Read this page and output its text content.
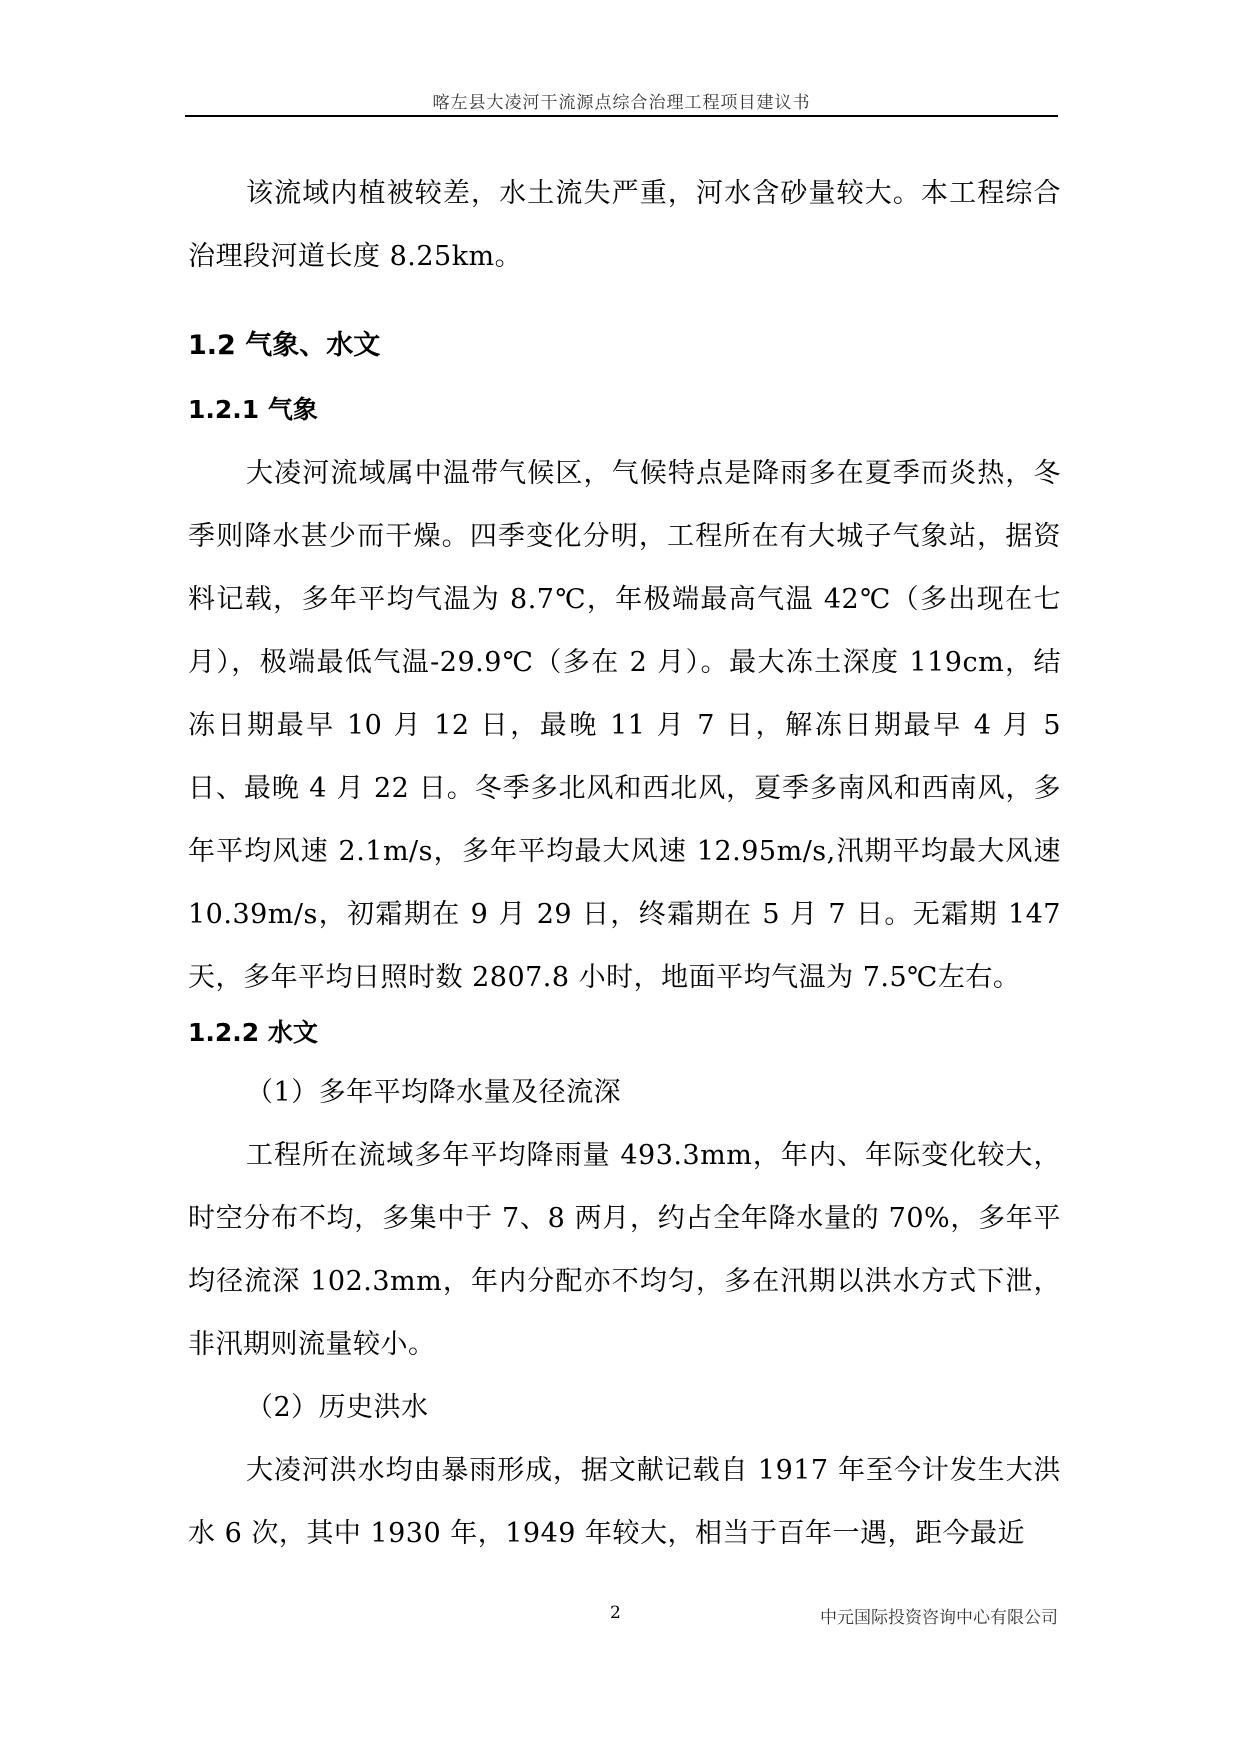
喀左县大凌河干流源点综合治理工程项目建议书

该流域内植被较差，水土流失严重，河水含砂量较大。本工程综合治理段河道长度 8.25km。

1.2 气象、水文
1.2.1 气象

大凌河流域属中温带气候区，气候特点是降雨多在夏季而炎热，冬季则降水甚少而干燥。四季变化分明，工程所在有大城子气象站，据资料记载，多年平均气温为 8.7℃，年极端最高气温 42℃（多出现在七月），极端最低气温-29.9℃（多在 2 月）。最大冻土深度 119cm，结冻日期最早 10 月 12 日，最晚 11 月 7 日，解冻日期最早 4 月 5 日、最晚 4 月 22 日。冬季多北风和西北风，夏季多南风和西南风，多年平均风速 2.1m/s，多年平均最大风速 12.95m/s,汛期平均最大风速 10.39m/s，初霜期在 9 月 29 日，终霜期在 5 月 7 日。无霜期 147 天，多年平均日照时数 2807.8 小时，地面平均气温为 7.5℃左右。

1.2.2 水文

（1）多年平均降水量及径流深

工程所在流域多年平均降雨量 493.3mm，年内、年际变化较大，时空分布不均，多集中于 7、8 两月，约占全年降水量的 70%，多年平均径流深 102.3mm，年内分配亦不均匀，多在汛期以洪水方式下泄，非汛期则流量较小。

（2）历史洪水

大凌河洪水均由暴雨形成，据文献记载自 1917 年至今计发生大洪水 6 次，其中 1930 年，1949 年较大，相当于百年一遇，距今最近

2	中元国际投资咨询中心有限公司
